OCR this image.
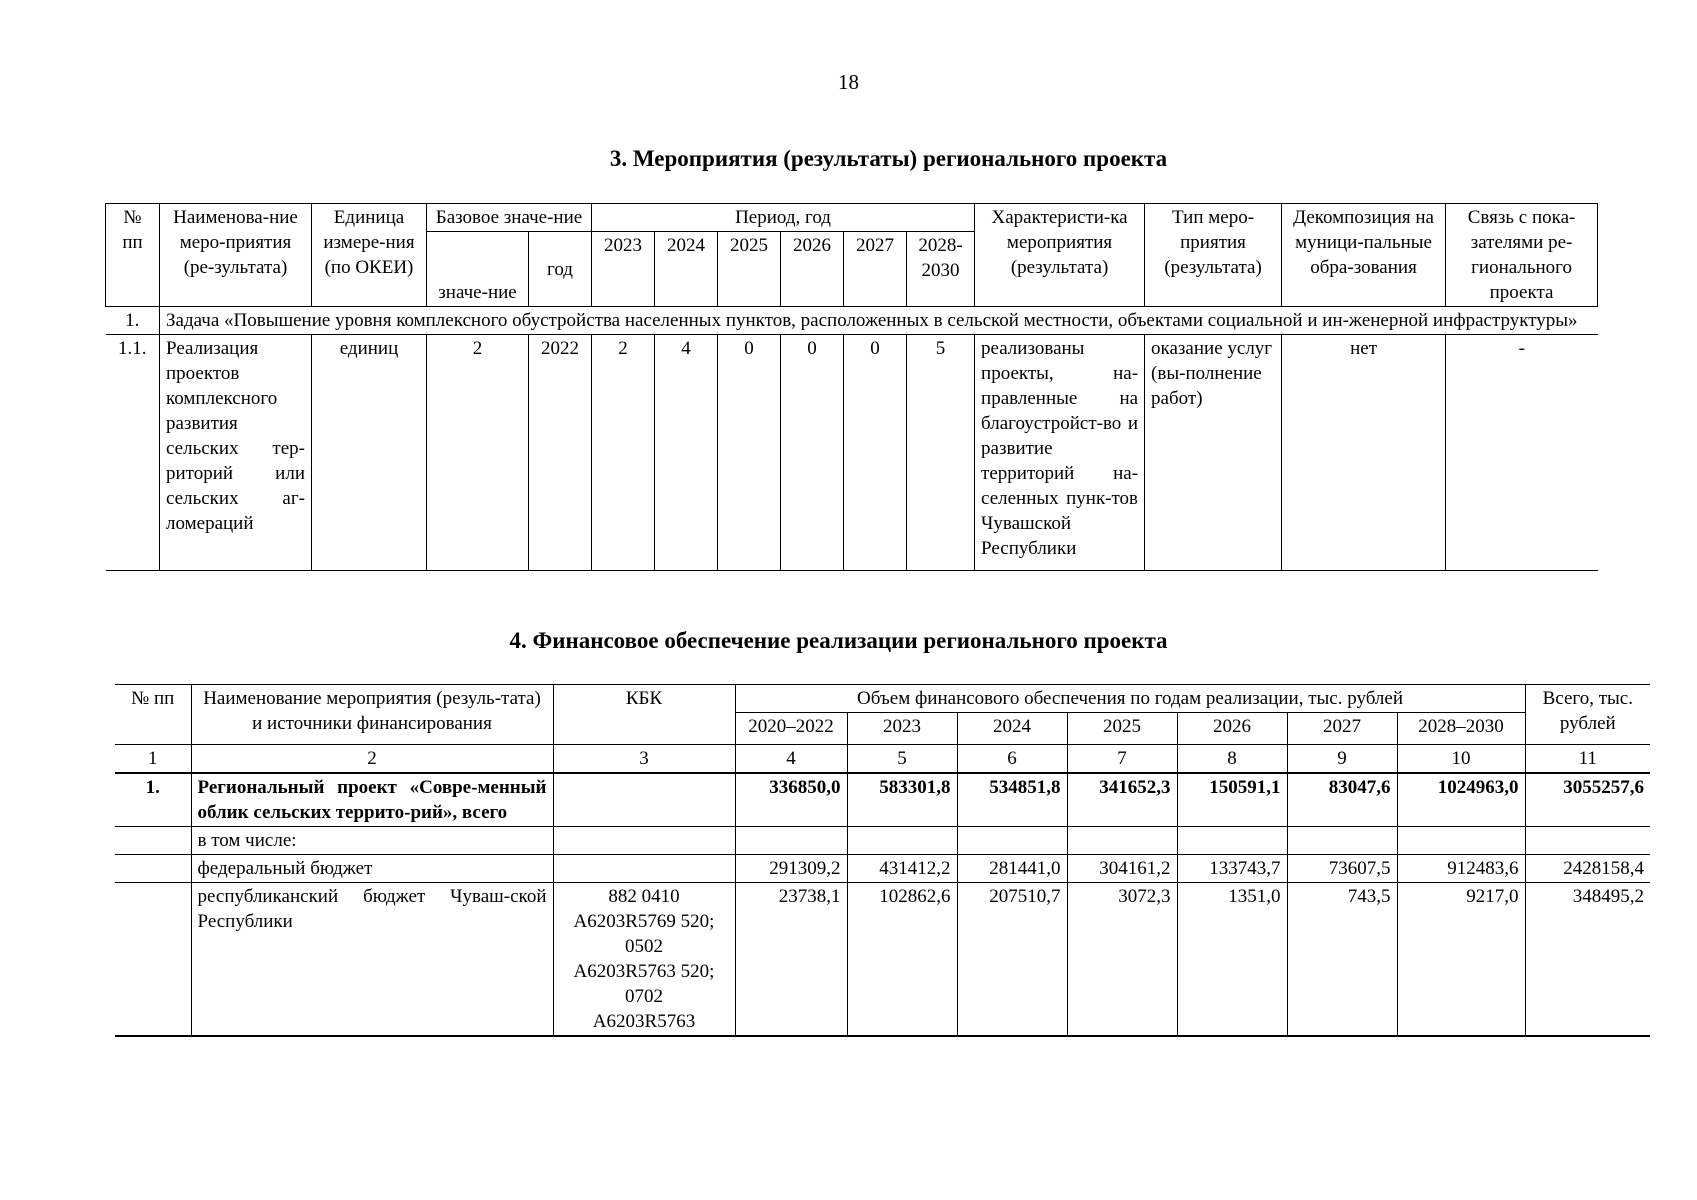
18
3. Мероприятия (результаты) регионального проекта
№ пп	Наименова-ние меро-приятия (ре-зультата)	Единица измере-ния (по ОКЕИ)	Базовое значе-ние		Период, год						Характеристи-ка мероприятия (результата)	Тип меро-приятия (результата)	Декомпозиция на муници-пальные обра-зования	Связь с пока-зателями ре-гионального проекта
			значе-ние	год	2023	2024	2025	2026	2027	2028-2030				

1.	Задача «Повышение уровня комплексного обустройства населенных пунктов, расположенных в сельской местности, объектами социальной и ин-женерной инфраструктуры»													
1.1.	Реализация проектов комплексного развития сельских тер-риторий или сельских аг-ломераций	единиц	2	2022	2	4	0	0	0	5	реализованы проекты, на-правленные на благоустройст-во и развитие территорий на-селенных пунк-тов Чувашской Республики	оказание услуг (вы-полнение работ)	нет	-
4. Финансовое обеспечение реализации регионального проекта
№ пп	Наименование мероприятия (резуль-тата) и источники финансирования	КБК	Объем финансового обеспечения по годам реализации, тыс. рублей							Всего, тыс. рублей
			2020–2022	2023	2024	2025	2026	2027	2028–2030	
1	2	3	4	5	6	7	8	9	10	11
1.	Региональный проект «Совре-менный облик сельских террито-рий», всего		336850,0	583301,8	534851,8	341652,3	150591,1	83047,6	1024963,0	3055257,6
	в том числе:									
	федеральный бюджет		291309,2	431412,2	281441,0	304161,2	133743,7	73607,5	912483,6	2428158,4
	республиканский бюджет Чуваш-ской Республики	882 0410 А6203R5769 520; 0502 А6203R5763 520; 0702 А6203R5763	23738,1	102862,6	207510,7	3072,3	1351,0	743,5	9217,0	348495,2
